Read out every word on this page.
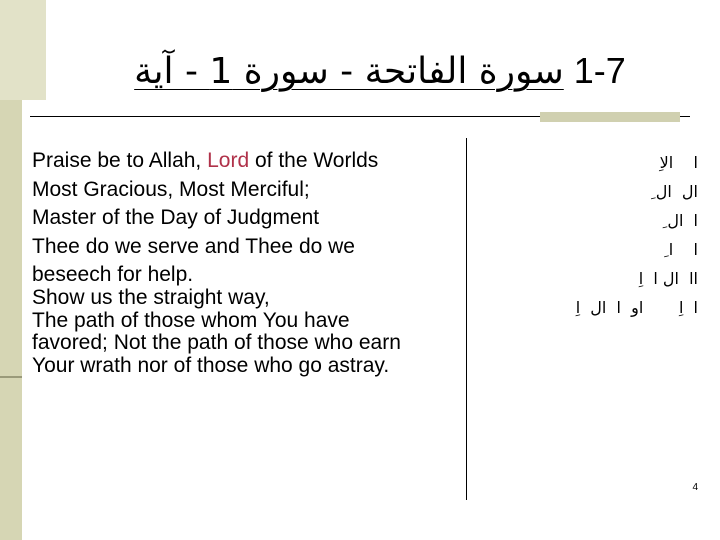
سورة الفاتحة - سورة 1 - آية 1-7
Praise be to Allah, Lord of the Worlds
Most Gracious, Most Merciful;
Master of the Day of Judgment
Thee do we serve and Thee do we
beseech for help.
Show us the straight way,
The path of those whom You have
favored; Not the path of those who earn
Your wrath nor of those who go astray.
ا    الاِ
ال  ال ِ
ا  ال ِ
ا    ا ِ
اا  ال ا  اِ
ا  اِ       او  ا  ال  اِ
4
